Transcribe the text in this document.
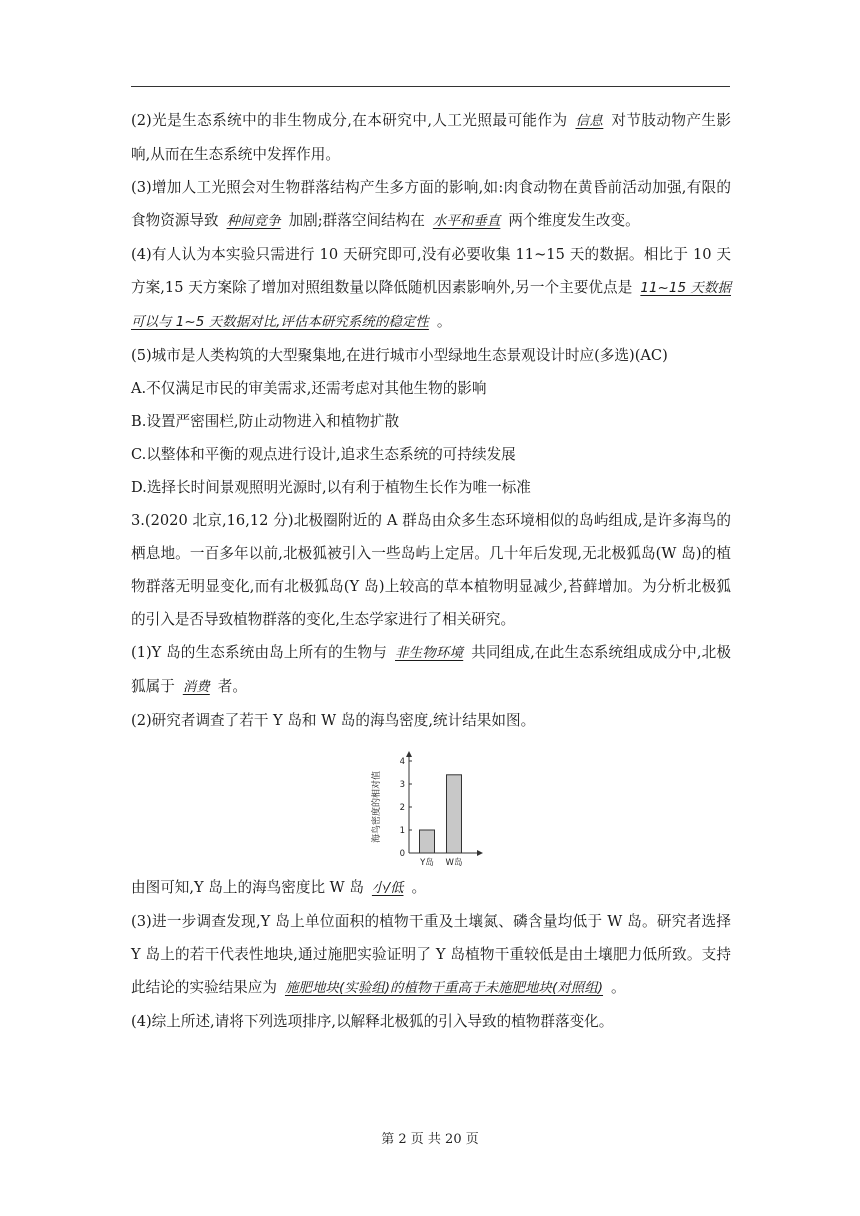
(2)光是生态系统中的非生物成分,在本研究中,人工光照最可能作为 信息 对节肢动物产生影响,从而在生态系统中发挥作用。

(3)增加人工光照会对生物群落结构产生多方面的影响,如:肉食动物在黄昏前活动加强,有限的食物资源导致 种间竞争 加剧;群落空间结构在 水平和垂直 两个维度发生改变。

(4)有人认为本实验只需进行 10 天研究即可,没有必要收集 11~15 天的数据。相比于 10 天方案,15 天方案除了增加对照组数量以降低随机因素影响外,另一个主要优点是 11~15 天数据可以与 1~5 天数据对比,评估本研究系统的稳定性 。

(5)城市是人类构筑的大型聚集地,在进行城市小型绿地生态景观设计时应(多选)(AC)

A.不仅满足市民的审美需求,还需考虑对其他生物的影响

B.设置严密围栏,防止动物进入和植物扩散

C.以整体和平衡的观点进行设计,追求生态系统的可持续发展

D.选择长时间景观照明光源时,以有利于植物生长作为唯一标准

3.(2020 北京,16,12 分)北极圈附近的 A 群岛由众多生态环境相似的岛屿组成,是许多海鸟的栖息地。一百多年以前,北极狐被引入一些岛屿上定居。几十年后发现,无北极狐岛(W 岛)的植物群落无明显变化,而有北极狐岛(Y 岛)上较高的草本植物明显减少,苔藓增加。为分析北极狐的引入是否导致植物群落的变化,生态学家进行了相关研究。

(1)Y 岛的生态系统由岛上所有的生物与 非生物环境 共同组成,在此生态系统组成成分中,北极狐属于 消费 者。

(2)研究者调查了若干 Y 岛和 W 岛的海鸟密度,统计结果如图。

海鸟密度的相对值
0
1
2
3
4
Y岛 W岛

由图可知,Y 岛上的海鸟密度比 W 岛 小/低 。

(3)进一步调查发现,Y 岛上单位面积的植物干重及土壤氮、磷含量均低于 W 岛。研究者选择 Y 岛上的若干代表性地块,通过施肥实验证明了 Y 岛植物干重较低是由土壤肥力低所致。支持此结论的实验结果应为 施肥地块(实验组)的植物干重高于未施肥地块(对照组) 。

(4)综上所述,请将下列选项排序,以解释北极狐的引入导致的植物群落变化。

第 2 页 共 20 页
